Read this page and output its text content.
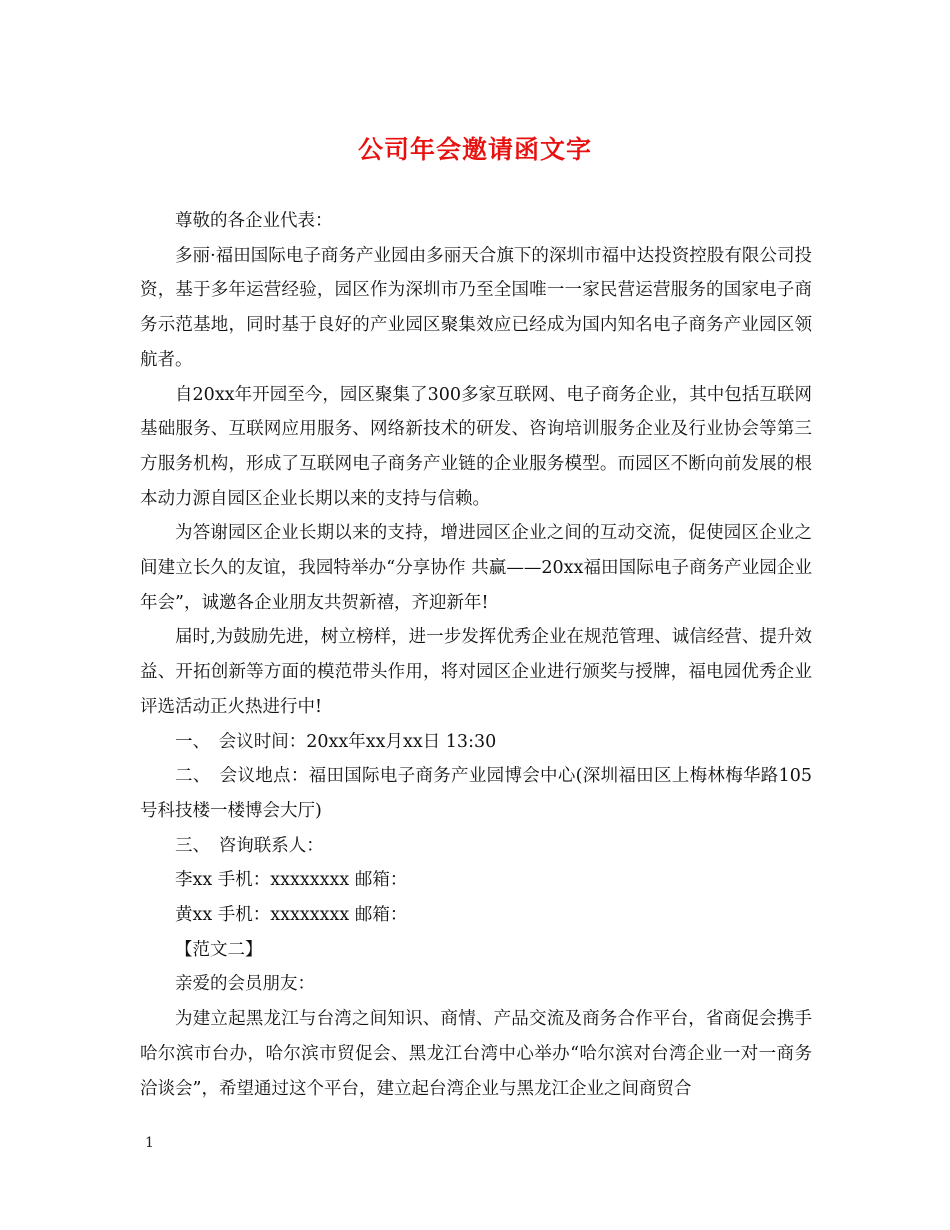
公司年会邀请函文字

尊敬的各企业代表：

多丽·福田国际电子商务产业园由多丽天合旗下的深圳市福中达投资控股有限公司投资，基于多年运营经验，园区作为深圳市乃至全国唯一一家民营运营服务的国家电子商务示范基地，同时基于良好的产业园区聚集效应已经成为国内知名电子商务产业园区领航者。

自20xx年开园至今，园区聚集了300多家互联网、电子商务企业，其中包括互联网基础服务、互联网应用服务、网络新技术的研发、咨询培训服务企业及行业协会等第三方服务机构，形成了互联网电子商务产业链的企业服务模型。而园区不断向前发展的根本动力源自园区企业长期以来的支持与信赖。

为答谢园区企业长期以来的支持，增进园区企业之间的互动交流，促使园区企业之间建立长久的友谊，我园特举办“分享协作 共赢——20xx福田国际电子商务产业园企业年会”，诚邀各企业朋友共贺新禧，齐迎新年!

届时,为鼓励先进，树立榜样，进一步发挥优秀企业在规范管理、诚信经营、提升效益、开拓创新等方面的模范带头作用，将对园区企业进行颁奖与授牌，福电园优秀企业评选活动正火热进行中!

一、　会议时间：20xx年xx月xx日 13:30

二、　会议地点：福田国际电子商务产业园博会中心(深圳福田区上梅林梅华路105号科技楼一楼博会大厅)

三、　咨询联系人：

李xx 手机：xxxxxxxx 邮箱：

黄xx 手机：xxxxxxxx 邮箱：

【范文二】

亲爱的会员朋友：

为建立起黑龙江与台湾之间知识、商情、产品交流及商务合作平台，省商促会携手哈尔滨市台办，哈尔滨市贸促会、黑龙江台湾中心举办“哈尔滨对台湾企业一对一商务洽谈会”，希望通过这个平台，建立起台湾企业与黑龙江企业之间商贸合

1
